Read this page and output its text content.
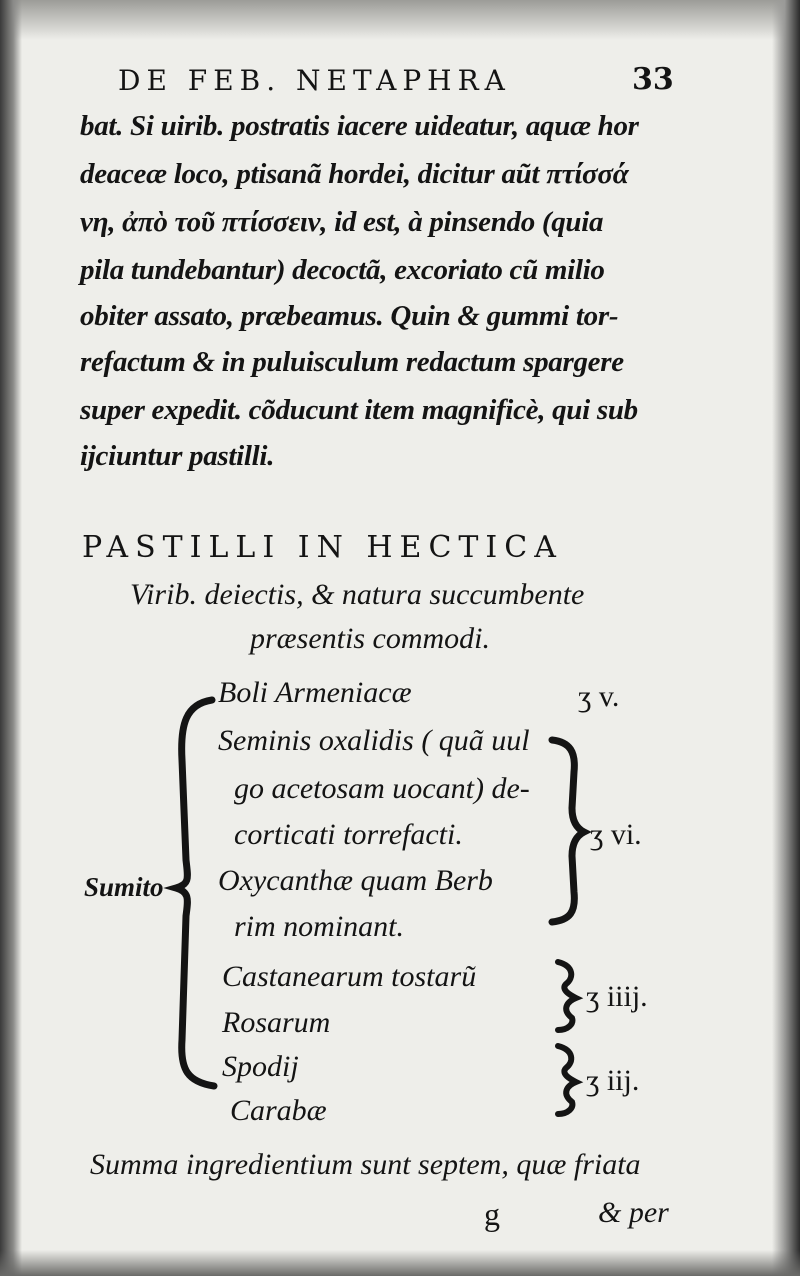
DE FEB. NETAPHRA	33
bat. Si uirib. postratis iacere uideatur, aquæ hor
deaceæ loco, ptisanã hordei, dicitur aũt πτίσσά
νη, ἀπὸ τοῦ πτίσσειν, id est, à pinsendo (quia
pila tundebantur) decoctã, excoriato cũ milio
obiter assato, præbeamus. Quin & gummi tor-
refactum & in puluisculum redactum spargere
super expedit. cõducunt item magnificè, qui sub
ijciuntur pastilli.
PASTILLI IN HECTICA
Virib. deiectis, & natura succumbente
præsentis commodi.
Sumito
Boli Armeniacæ
Seminis oxalidis ( quã uul
go acetosam uocant) de-
corticati torrefacti.
Oxycanthæ quam Berb
rim nominant.
Castanearum tostarũ
Rosarum
Spodij
Carabæ
ʒ v.
ʒ vi.
ʒ iiij.
ʒ iij.
Summa ingredientium sunt septem, quæ friata
g	& per
